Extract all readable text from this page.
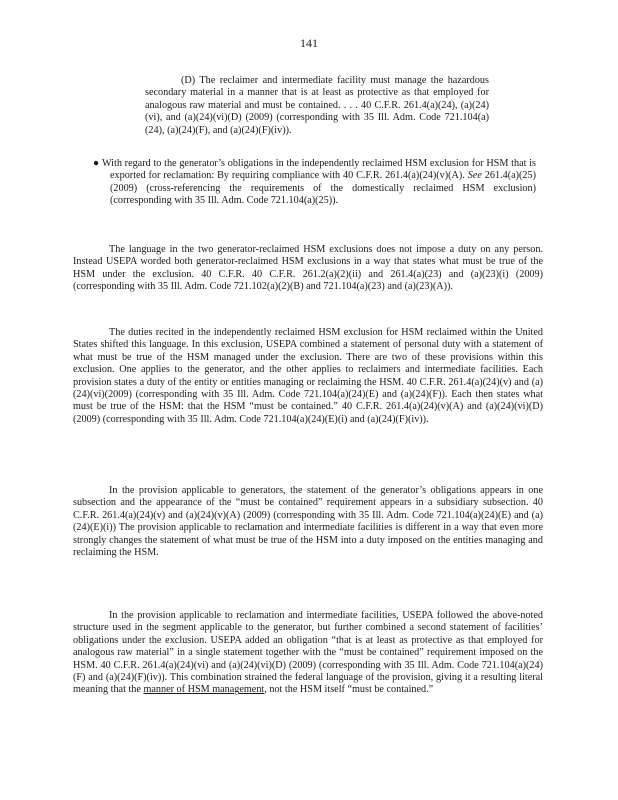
141

(D) The reclaimer and intermediate facility must manage the hazardous secondary material in a manner that is at least as protective as that employed for analogous raw material and must be contained. . . . 40 C.F.R. 261.4(a)(24), (a)(24)(vi), and (a)(24)(vi)(D) (2009) (corresponding with 35 Ill. Adm. Code 721.104(a)(24), (a)(24)(F), and (a)(24)(F)(iv)).

● With regard to the generator’s obligations in the independently reclaimed HSM exclusion for HSM that is exported for reclamation: By requiring compliance with 40 C.F.R. 261.4(a)(24)(v)(A). See 261.4(a)(25) (2009) (cross-referencing the requirements of the domestically reclaimed HSM exclusion) (corresponding with 35 Ill. Adm. Code 721.104(a)(25)).

The language in the two generator-reclaimed HSM exclusions does not impose a duty on any person. Instead USEPA worded both generator-reclaimed HSM exclusions in a way that states what must be true of the HSM under the exclusion. 40 C.F.R. 40 C.F.R. 261.2(a)(2)(ii) and 261.4(a)(23) and (a)(23)(i) (2009) (corresponding with 35 Ill. Adm. Code 721.102(a)(2)(B) and 721.104(a)(23) and (a)(23)(A)).

The duties recited in the independently reclaimed HSM exclusion for HSM reclaimed within the United States shifted this language. In this exclusion, USEPA combined a statement of personal duty with a statement of what must be true of the HSM managed under the exclusion. There are two of these provisions within this exclusion. One applies to the generator, and the other applies to reclaimers and intermediate facilities. Each provision states a duty of the entity or entities managing or reclaiming the HSM. 40 C.F.R. 261.4(a)(24)(v) and (a)(24)(vi)(2009) (corresponding with 35 Ill. Adm. Code 721.104(a)(24)(E) and (a)(24)(F)). Each then states what must be true of the HSM: that the HSM “must be contained.” 40 C.F.R. 261.4(a)(24)(v)(A) and (a)(24)(vi)(D) (2009) (corresponding with 35 Ill. Adm. Code 721.104(a)(24)(E)(i) and (a)(24)(F)(iv)).

In the provision applicable to generators, the statement of the generator’s obligations appears in one subsection and the appearance of the “must be contained” requirement appears in a subsidiary subsection. 40 C.F.R. 261.4(a)(24)(v) and (a)(24)(v)(A) (2009) (corresponding with 35 Ill. Adm. Code 721.104(a)(24)(E) and (a)(24)(E)(i)) The provision applicable to reclamation and intermediate facilities is different in a way that even more strongly changes the statement of what must be true of the HSM into a duty imposed on the entities managing and reclaiming the HSM.

In the provision applicable to reclamation and intermediate facilities, USEPA followed the above-noted structure used in the segment applicable to the generator, but further combined a second statement of facilities’ obligations under the exclusion. USEPA added an obligation “that is at least as protective as that employed for analogous raw material” in a single statement together with the “must be contained” requirement imposed on the HSM. 40 C.F.R. 261.4(a)(24)(vi) and (a)(24)(vi)(D) (2009) (corresponding with 35 Ill. Adm. Code 721.104(a)(24)(F) and (a)(24)(F)(iv)). This combination strained the federal language of the provision, giving it a resulting literal meaning that the manner of HSM management, not the HSM itself “must be contained.”
